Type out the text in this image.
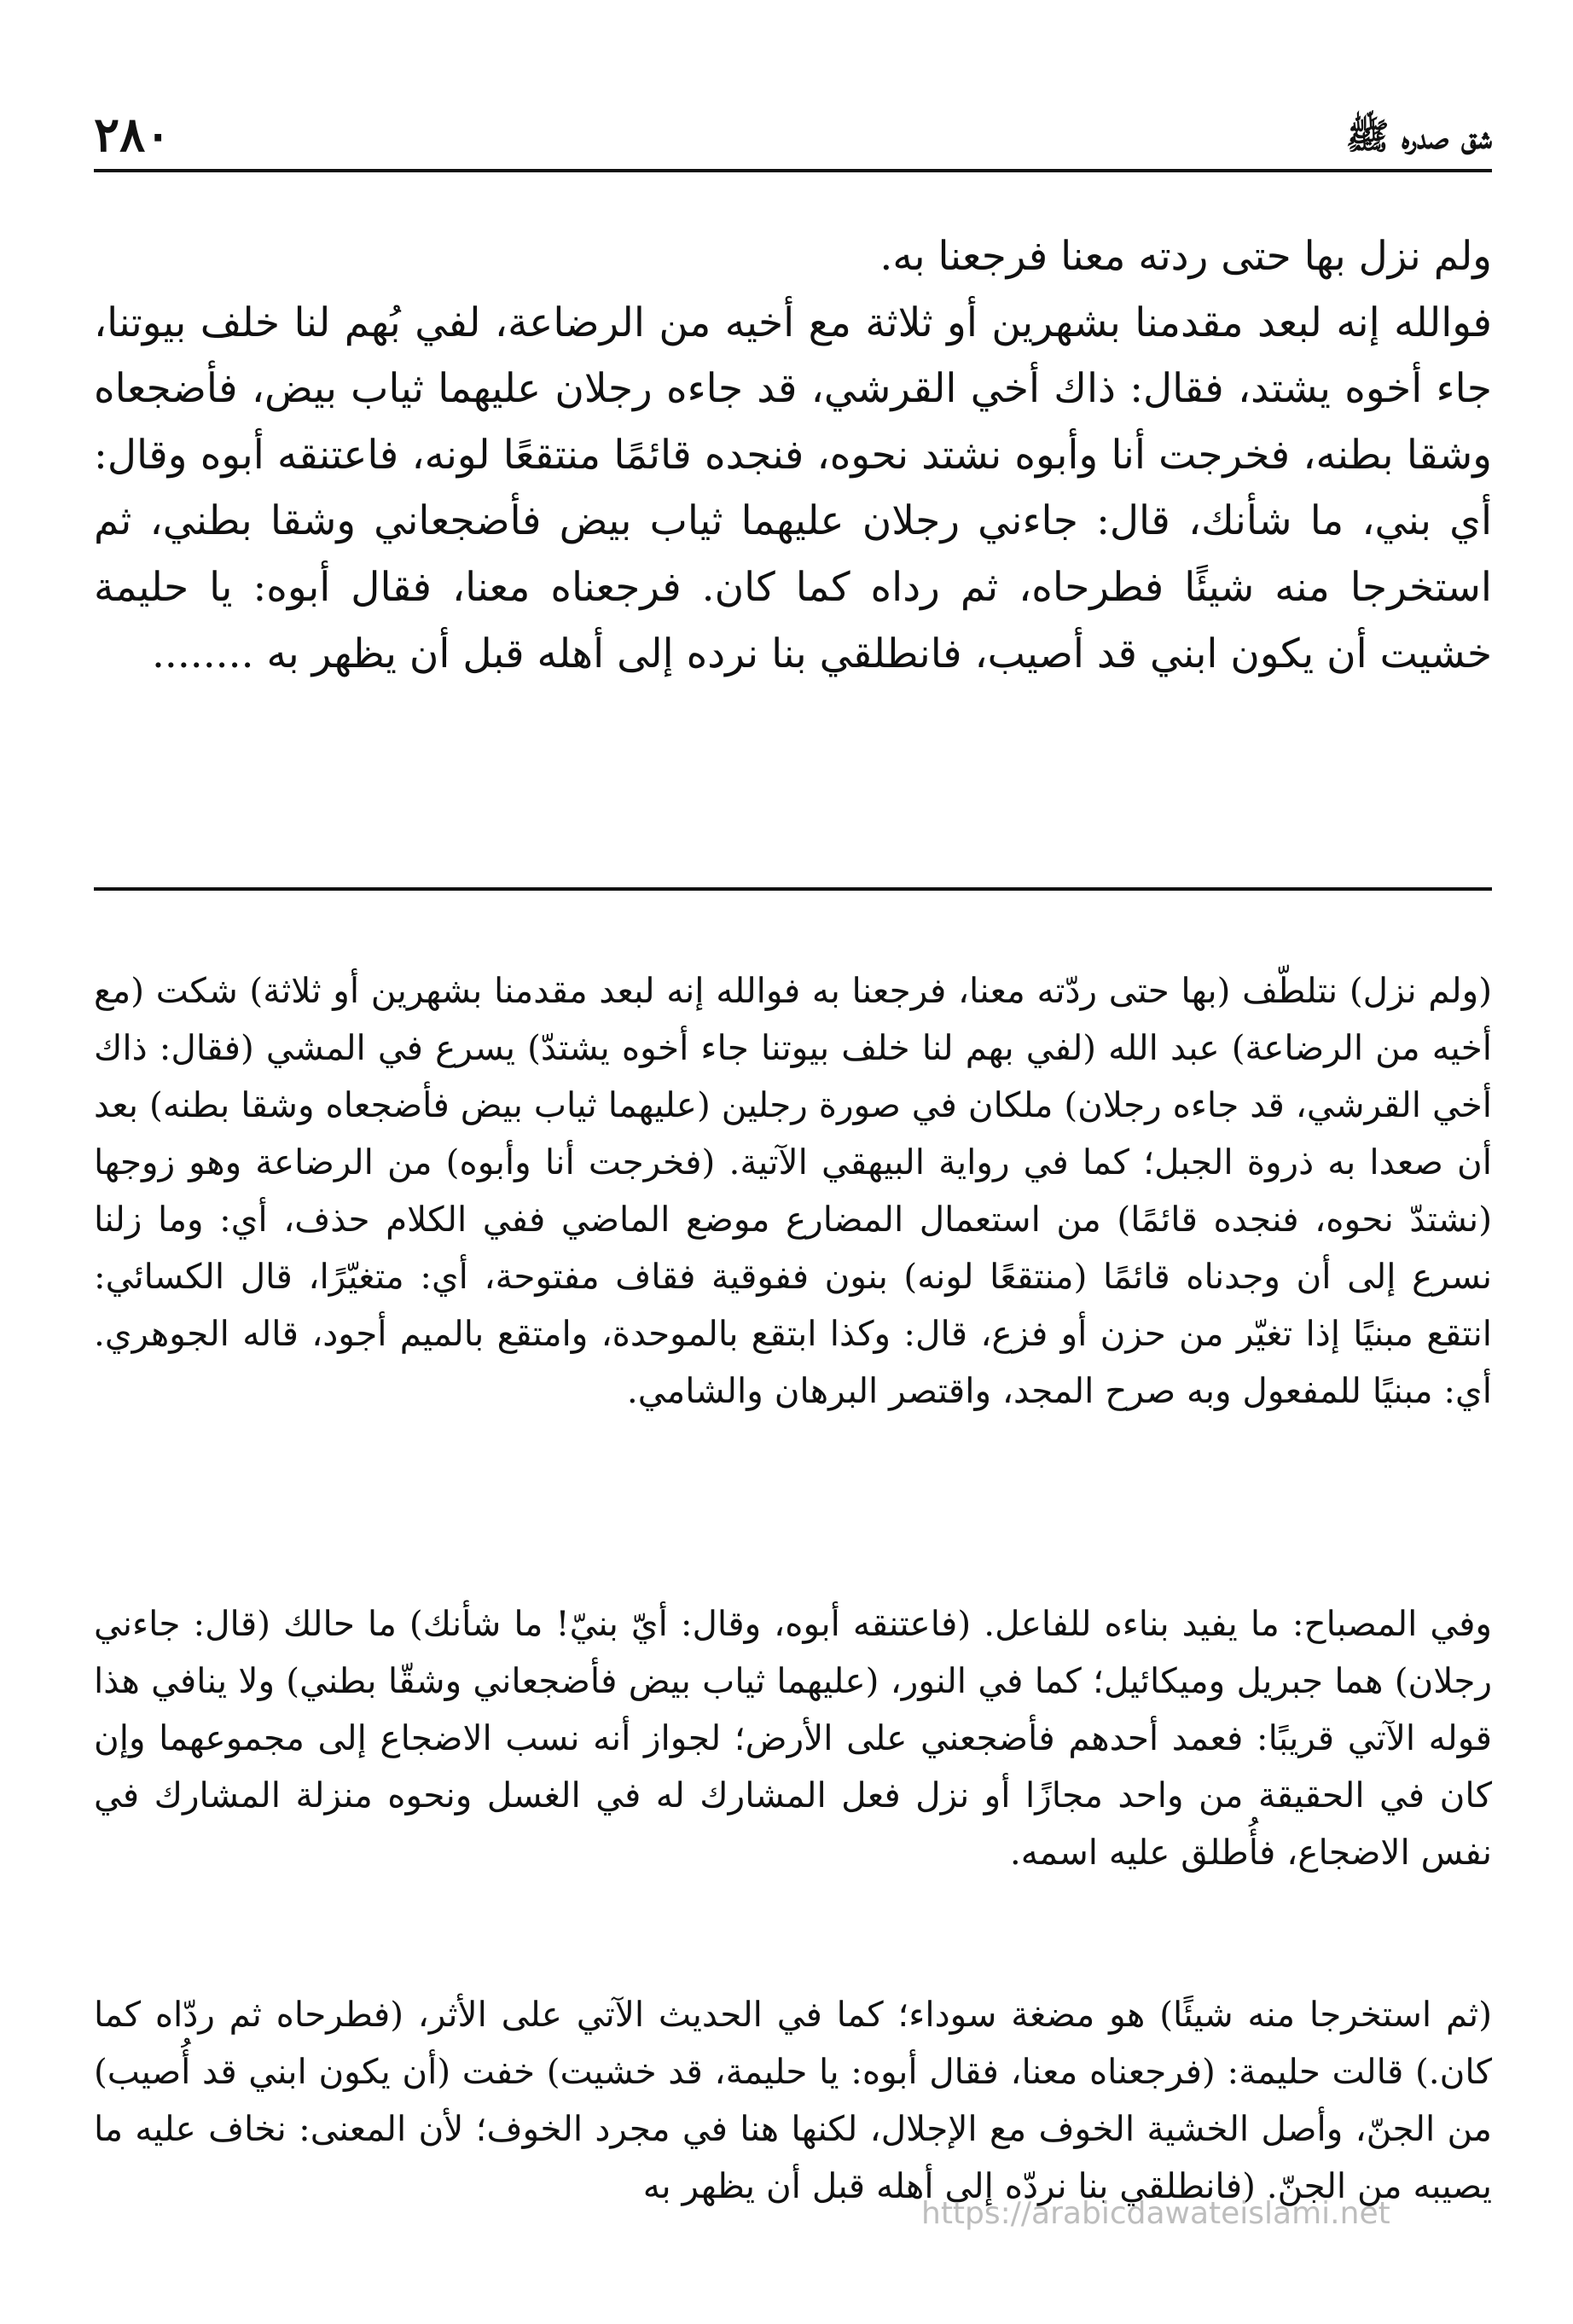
٢٨٠	شق صدره ﷺ

ولم نزل بها حتى ردته معنا فرجعنا به.
فوالله إنه لبعد مقدمنا بشهرين أو ثلاثة مع أخيه من الرضاعة، لفي بُهم لنا خلف بيوتنا، جاء أخوه يشتد، فقال: ذاك أخي القرشي، قد جاءه رجلان عليهما ثياب بيض، فأضجعاه وشقا بطنه، فخرجت أنا وأبوه نشتد نحوه، فنجده قائمًا منتقعًا لونه، فاعتنقه أبوه وقال: أي بني، ما شأنك، قال: جاءني رجلان عليهما ثياب بيض فأضجعاني وشقا بطني، ثم استخرجا منه شيئًا فطرحاه، ثم رداه كما كان. فرجعناه معنا، فقال أبوه: يا حليمة خشيت أن يكون ابني قد أصيب، فانطلقي بنا نرده إلى أهله قبل أن يظهر به ........

(ولم نزل) نتلطّف (بها حتى ردّته معنا، فرجعنا به فوالله إنه لبعد مقدمنا بشهرين أو ثلاثة) شكت (مع أخيه من الرضاعة) عبد الله (لفي بهم لنا خلف بيوتنا جاء أخوه يشتدّ) يسرع في المشي (فقال: ذاك أخي القرشي، قد جاءه رجلان) ملكان في صورة رجلين (عليهما ثياب بيض فأضجعاه وشقا بطنه) بعد أن صعدا به ذروة الجبل؛ كما في رواية البيهقي الآتية. (فخرجت أنا وأبوه) من الرضاعة وهو زوجها (نشتدّ نحوه، فنجده قائمًا) من استعمال المضارع موضع الماضي ففي الكلام حذف، أي: وما زلنا نسرع إلى أن وجدناه قائمًا (منتقعًا لونه) بنون ففوقية فقاف مفتوحة، أي: متغيّرًا، قال الكسائي: انتقع مبنيًا إذا تغيّر من حزن أو فزع، قال: وكذا ابتقع بالموحدة، وامتقع بالميم أجود، قاله الجوهري. أي: مبنيًا للمفعول وبه صرح المجد، واقتصر البرهان والشامي.

وفي المصباح: ما يفيد بناءه للفاعل. (فاعتنقه أبوه، وقال: أيّ بنيّ! ما شأنك) ما حالك (قال: جاءني رجلان) هما جبريل وميكائيل؛ كما في النور، (عليهما ثياب بيض فأضجعاني وشقّا بطني) ولا ينافي هذا قوله الآتي قريبًا: فعمد أحدهم فأضجعني على الأرض؛ لجواز أنه نسب الاضجاع إلى مجموعهما وإن كان في الحقيقة من واحد مجازًا أو نزل فعل المشارك له في الغسل ونحوه منزلة المشارك في نفس الاضجاع، فأُطلق عليه اسمه.

(ثم استخرجا منه شيئًا) هو مضغة سوداء؛ كما في الحديث الآتي على الأثر، (فطرحاه ثم ردّاه كما كان.) قالت حليمة: (فرجعناه معنا، فقال أبوه: يا حليمة، قد خشيت) خفت (أن يكون ابني قد أُصيب) من الجنّ، وأصل الخشية الخوف مع الإجلال، لكنها هنا في مجرد الخوف؛ لأن المعنى: نخاف عليه ما يصيبه من الجنّ. (فانطلقي بنا نردّه إلى أهله قبل أن يظهر به

https://arabicdawateislami.net
